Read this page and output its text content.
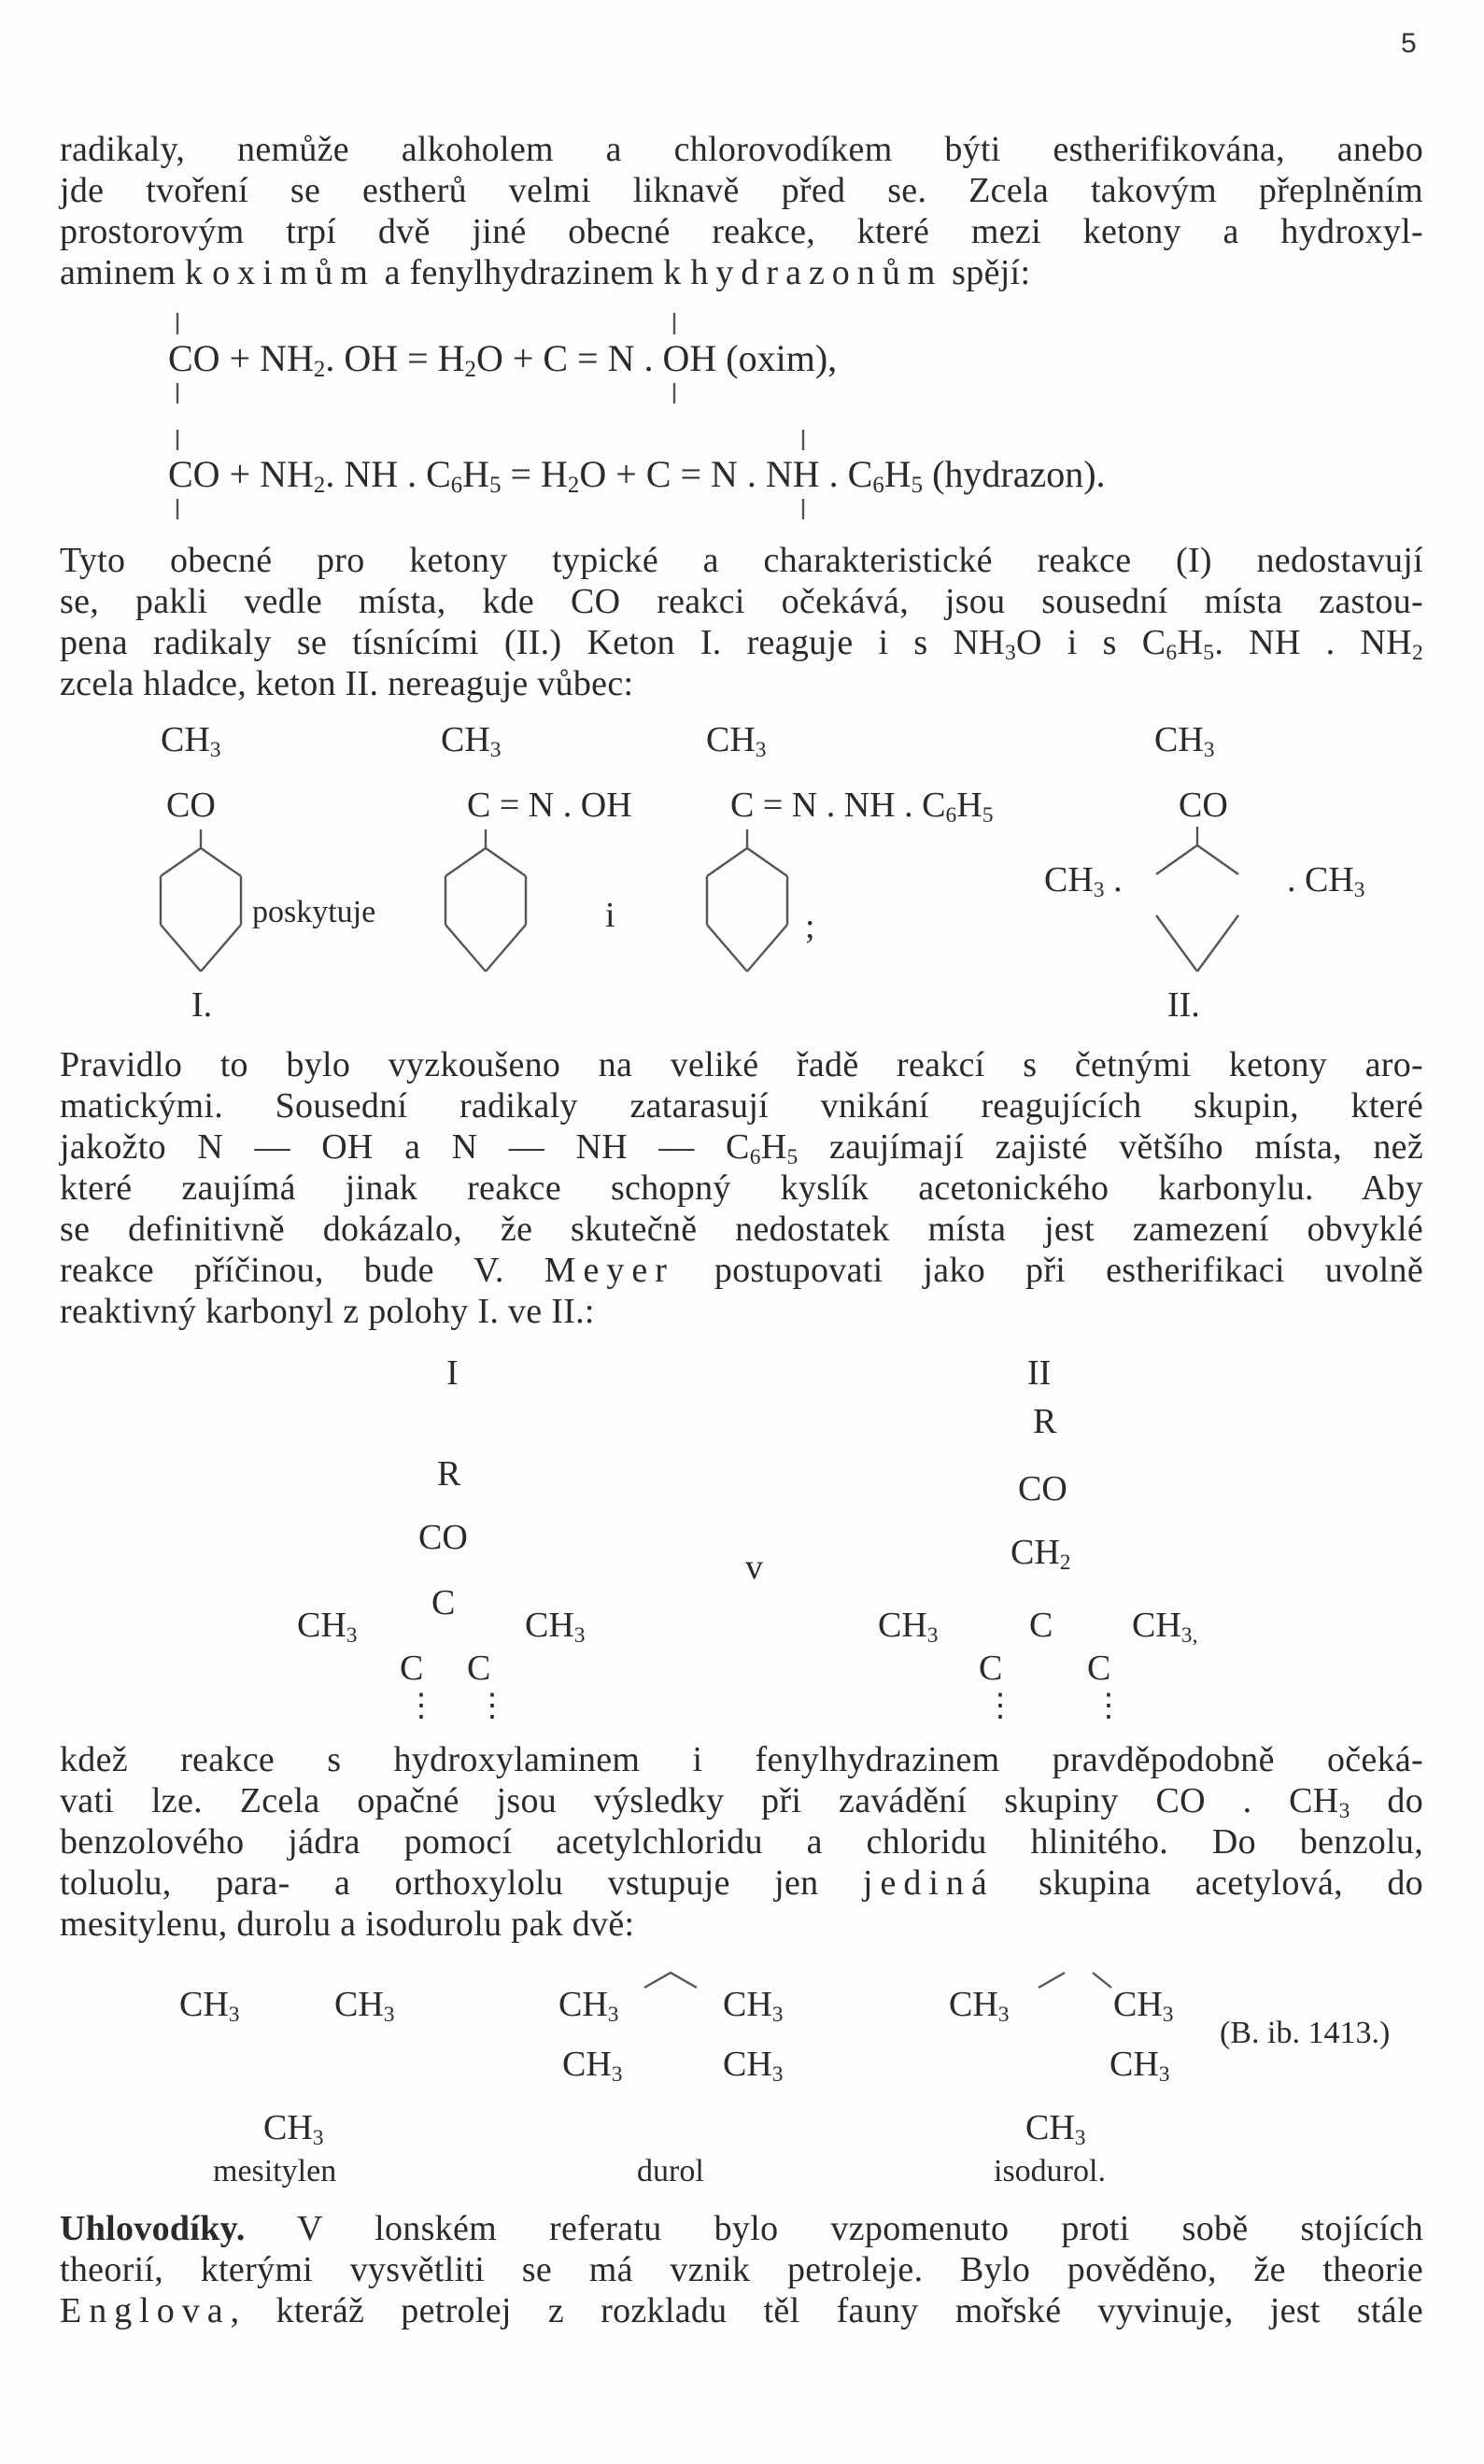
5
radikaly, nemůže alkoholem a chlorovodíkem býti estherifikována, anebo
jde tvoření se estherů velmi liknavě před se. Zcela takovým přeplněním
prostorovým trpí dvě jiné obecné reakce, které mezi ketony a hydroxyl-
aminem k oximům a fenylhydrazinem k hydrazonům spějí:
CO + $NH_2$. OH = $H_2O + C = N$ . OH (oxim),
CO + $NH_2$. NH . $C_6H_5 = H_2O + C = N$ . NH . $C_6H_5$ (hydrazon).
Tyto obecné pro ketony typické a charakteristické reakce (I) nedostavují
se, pakli vedle místa, kde CO reakci očekává, jsou sousední místa zastou-
pena radikaly se tísnícími (II.) Keton I. reaguje i s $NH_3O$ i s $C_6H_5$. NH . $NH_2$
zcela hladce, keton II. nereaguje vůbec:
$CH_3$
CO
poskytuje
I.
$CH_3$
C = N . OH
i
$CH_3$
C = N . NH . $C_6H_5$
;
$CH_3$
CO
$CH_3$ .	. $CH_3$
II.
Pravidlo to bylo vyzkoušeno na veliké řadě reakcí s četnými ketony aro-
matickými. Sousední radikaly zatarasují vnikání reagujících skupin, které
jakožto N — OH a N — NH — $C_6H_5$ zaujímají zajisté většího místa, než
které zaujímá jinak reakce schopný kyslík acetonického karbonylu. Aby
se definitivně dokázalo, že skutečně nedostatek místa jest zamezení obvyklé
reakce příčinou, bude V. Meyer postupovati jako při estherifikaci uvolně
reaktivný karbonyl z polohy I. ve II.:
I
R
CO
C
$CH_3$	$CH_3$
C C
⋮ ⋮
v
II
R
CO
$CH_2$
C
$CH_3$	$CH_{3,}$
C C
⋮ ⋮
kdež reakce s hydroxylaminem i fenylhydrazinem pravděpodobně očeká-
vati lze. Zcela opačné jsou výsledky při zavádění skupiny CO . $CH_3$ do
benzolového jádra pomocí acetylchloridu a chloridu hlinitého. Do benzolu,
toluolu, para- a orthoxylolu vstupuje jen jediná skupina acetylová, do
mesitylenu, durolu a isodurolu pak dvě:
$CH_3$	$CH_3$
$CH_3$
mesitylen
$CH_3$	$CH_3$
$CH_3$	$CH_3$
durol
$CH_3$	$CH_3$
$CH_3$
$CH_3$
isodurol.
(B. ib. 1413.)
Uhlovodíky. V lonském referatu bylo vzpomenuto proti sobě stojících
theorií, kterými vysvětliti se má vznik petroleje. Bylo pověděno, že theorie
Englova, kteráž petrolej z rozkladu těl fauny mořské vyvinuje, jest stále
